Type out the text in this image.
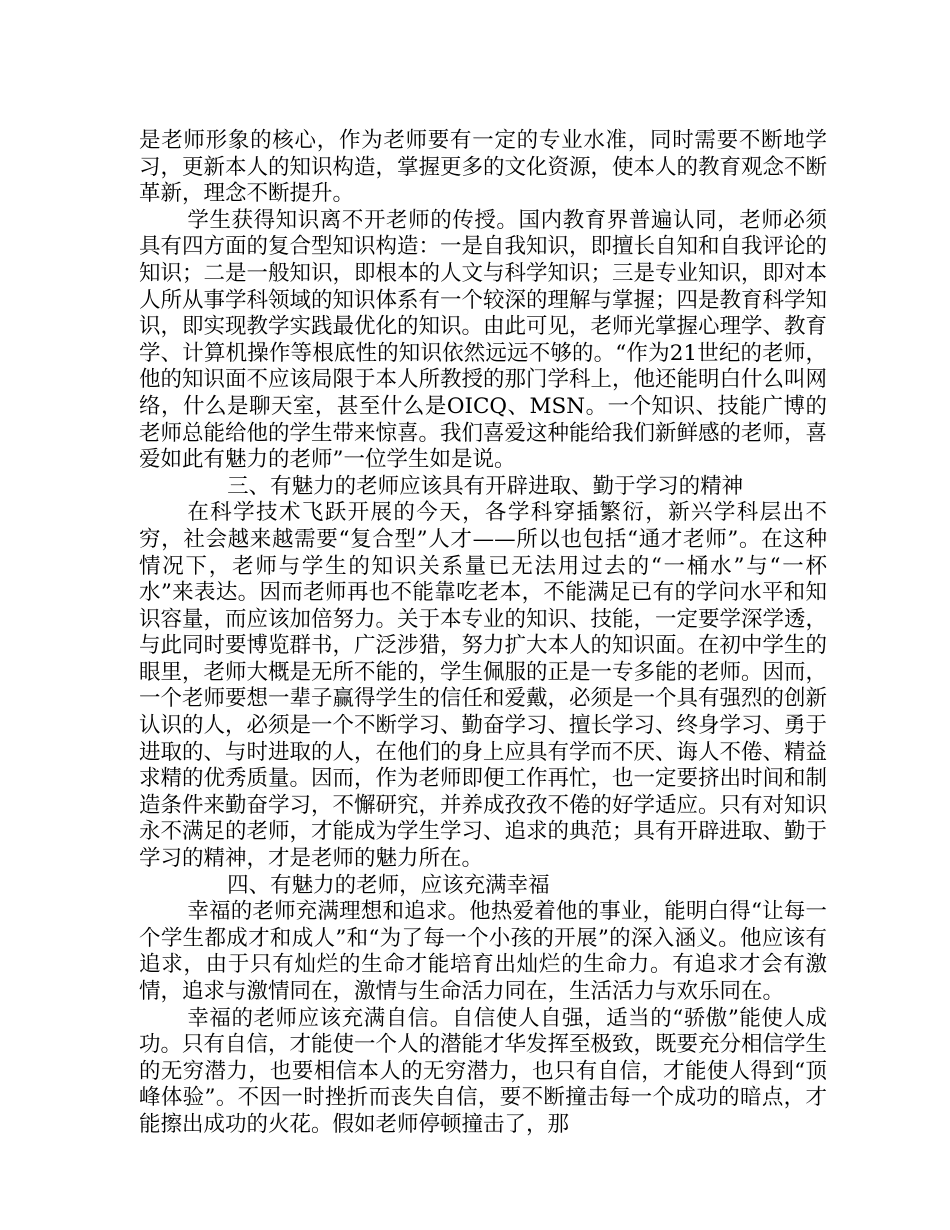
是老师形象的核心，作为老师要有一定的专业水准，同时需要不断地学习，更新本人的知识构造，掌握更多的文化资源，使本人的教育观念不断革新，理念不断提升。

学生获得知识离不开老师的传授。国内教育界普遍认同，老师必须具有四方面的复合型知识构造：一是自我知识，即擅长自知和自我评论的知识；二是一般知识，即根本的人文与科学知识；三是专业知识，即对本人所从事学科领域的知识体系有一个较深的理解与掌握；四是教育科学知识，即实现教学实践最优化的知识。由此可见，老师光掌握心理学、教育学、计算机操作等根底性的知识依然远远不够的。“作为21世纪的老师，他的知识面不应该局限于本人所教授的那门学科上，他还能明白什么叫网络，什么是聊天室，甚至什么是OICQ、MSN。一个知识、技能广博的老师总能给他的学生带来惊喜。我们喜爱这种能给我们新鲜感的老师，喜爱如此有魅力的老师”一位学生如是说。

三、有魅力的老师应该具有开辟进取、勤于学习的精神

在科学技术飞跃开展的今天，各学科穿插繁衍，新兴学科层出不穷，社会越来越需要“复合型”人才——所以也包括“通才老师”。在这种情况下，老师与学生的知识关系量已无法用过去的“一桶水”与“一杯水”来表达。因而老师再也不能靠吃老本，不能满足已有的学问水平和知识容量，而应该加倍努力。关于本专业的知识、技能，一定要学深学透，与此同时要博览群书，广泛涉猎，努力扩大本人的知识面。在初中学生的眼里，老师大概是无所不能的，学生佩服的正是一专多能的老师。因而，一个老师要想一辈子赢得学生的信任和爱戴，必须是一个具有强烈的创新认识的人，必须是一个不断学习、勤奋学习、擅长学习、终身学习、勇于进取的、与时进取的人，在他们的身上应具有学而不厌、诲人不倦、精益求精的优秀质量。因而，作为老师即便工作再忙，也一定要挤出时间和制造条件来勤奋学习，不懈研究，并养成孜孜不倦的好学适应。只有对知识永不满足的老师，才能成为学生学习、追求的典范；具有开辟进取、勤于学习的精神，才是老师的魅力所在。

四、有魅力的老师，应该充满幸福

幸福的老师充满理想和追求。他热爱着他的事业，能明白得“让每一个学生都成才和成人”和“为了每一个小孩的开展”的深入涵义。他应该有追求，由于只有灿烂的生命才能培育出灿烂的生命力。有追求才会有激情，追求与激情同在，激情与生命活力同在，生活活力与欢乐同在。

幸福的老师应该充满自信。自信使人自强，适当的“骄傲”能使人成功。只有自信，才能使一个人的潜能才华发挥至极致，既要充分相信学生的无穷潜力，也要相信本人的无穷潜力，也只有自信，才能使人得到“顶峰体验”。不因一时挫折而丧失自信，要不断撞击每一个成功的暗点，才能擦出成功的火花。假如老师停顿撞击了，那
